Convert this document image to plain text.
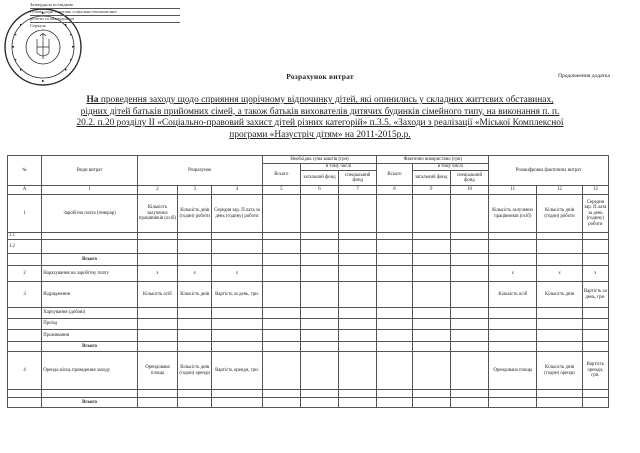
Затвердила посвідкою
Голова ради з питань соціально-економічної
роботи та міжвідомчої
Серкуль
Розрахунок витрат	Продовження додатка
На проведення заходу щодо сприяння щорічному відпочинку дітей, які опинились у складних життєвих обставинах,
рідних дітей батьків прийомних сімей, а також батьків вихователів дитячих будинків сімейного типу, на виконання п. п.
20.2. п.20 розділу II «Соціально-правовий захист дітей різних категорій» п.3.5. «Заходи з реалізації «Міської Комплексної
програми «Назустріч дітям» на 2011-2015р.р.
№	Види витрат	Розрахунок			Необхідна сума коштів (грн)			Фактично використано (грн)			Розшифровка фактичних витрат		
					Всього	в тому числі		Всього	в тому числі				
						загальний фонд	спеціальний фонд		загальний фонд	спеціальний фонд			
А	1	2	3	4	5	6	7	8	9	10	11	12	13
1	Заробітна плата (генерар)	Кількість залучених працівників (осіб)	Кількість днів (годин) роботи	Середня зар. П.лата за день (годину) роботи							Кількість залучених працівників (осіб)	Кількість днів (годин) роботи	Середня зар. П.лата за день (годину) роботи
1.1													
1.2													
	Всього												
2	Нарахування на заробітну плату	х	х	х							х	х	х
3	Відрядження	Кількість осіб	Кількість днів	Вартість за день, грн.							Кількість осіб	Кількість днів	Вартість за день, грн.
	Харчування (добові)												
	Проїзд												
	Проживання												
	Всього												
4	Оренда місць проведення заходу	Орендована площа	Кількість днів (годин) оренди	Вартість оренди, грн.							Орендована площа	Кількість днів (годин) оренди	Вартість оренди, грн.

	Всього												
